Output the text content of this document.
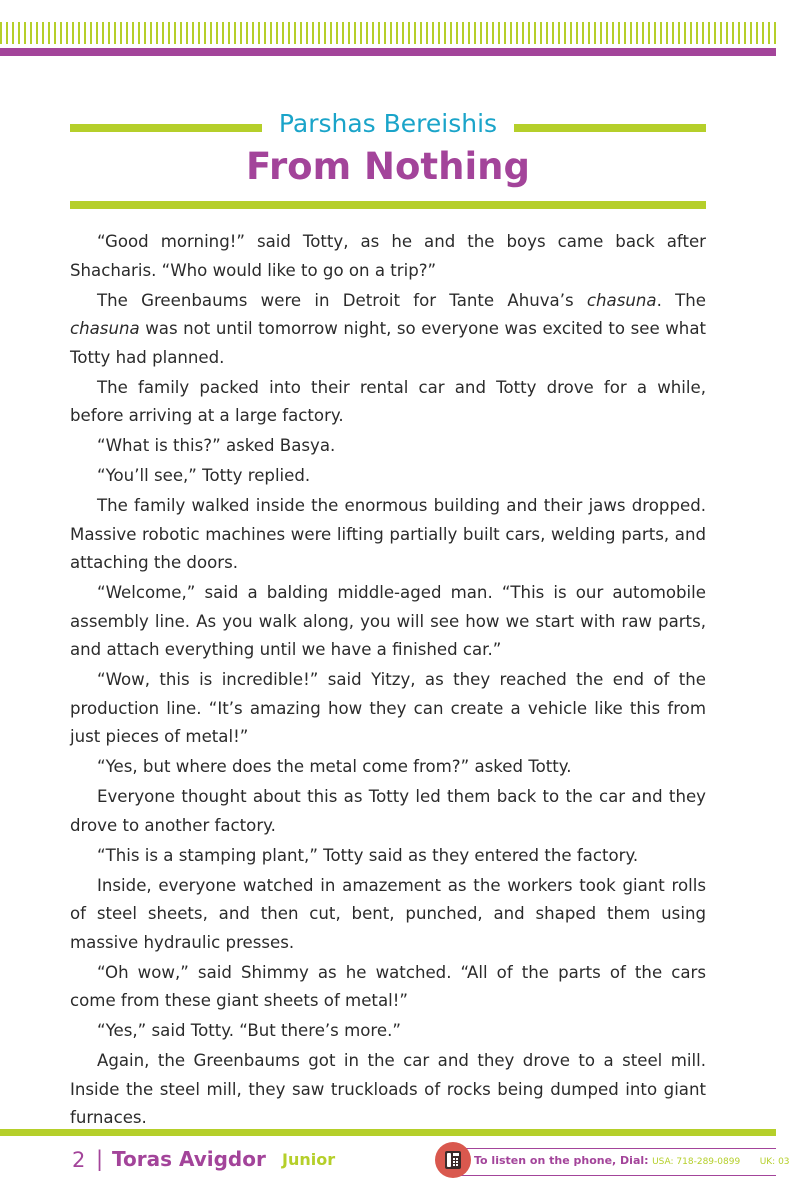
Parshas Bereishis
From Nothing

“Good morning!” said Totty, as he and the boys came back after Shacharis. “Who would like to go on a trip?”

The Greenbaums were in Detroit for Tante Ahuva’s chasuna. The chasuna was not until tomorrow night, so everyone was excited to see what Totty had planned.

The family packed into their rental car and Totty drove for a while, before arriving at a large factory.

“What is this?” asked Basya.

“You’ll see,” Totty replied.

The family walked inside the enormous building and their jaws dropped. Massive robotic machines were lifting partially built cars, welding parts, and attaching the doors.

“Welcome,” said a balding middle-aged man. “This is our automobile assembly line. As you walk along, you will see how we start with raw parts, and attach everything until we have a finished car.”

“Wow, this is incredible!” said Yitzy, as they reached the end of the production line. “It’s amazing how they can create a vehicle like this from just pieces of metal!”

“Yes, but where does the metal come from?” asked Totty.

Everyone thought about this as Totty led them back to the car and they drove to another factory.

“This is a stamping plant,” Totty said as they entered the factory.

Inside, everyone watched in amazement as the workers took giant rolls of steel sheets, and then cut, bent, punched, and shaped them using massive hydraulic presses.

“Oh wow,” said Shimmy as he watched. “All of the parts of the cars come from these giant sheets of metal!”

“Yes,” said Totty. “But there’s more.”

Again, the Greenbaums got in the car and they drove to a steel mill. Inside the steel mill, they saw truckloads of rocks being dumped into giant furnaces.

2 | Toras Avigdor Junior	To listen on the phone, Dial: USA: 718-289-0899 UK: 03
